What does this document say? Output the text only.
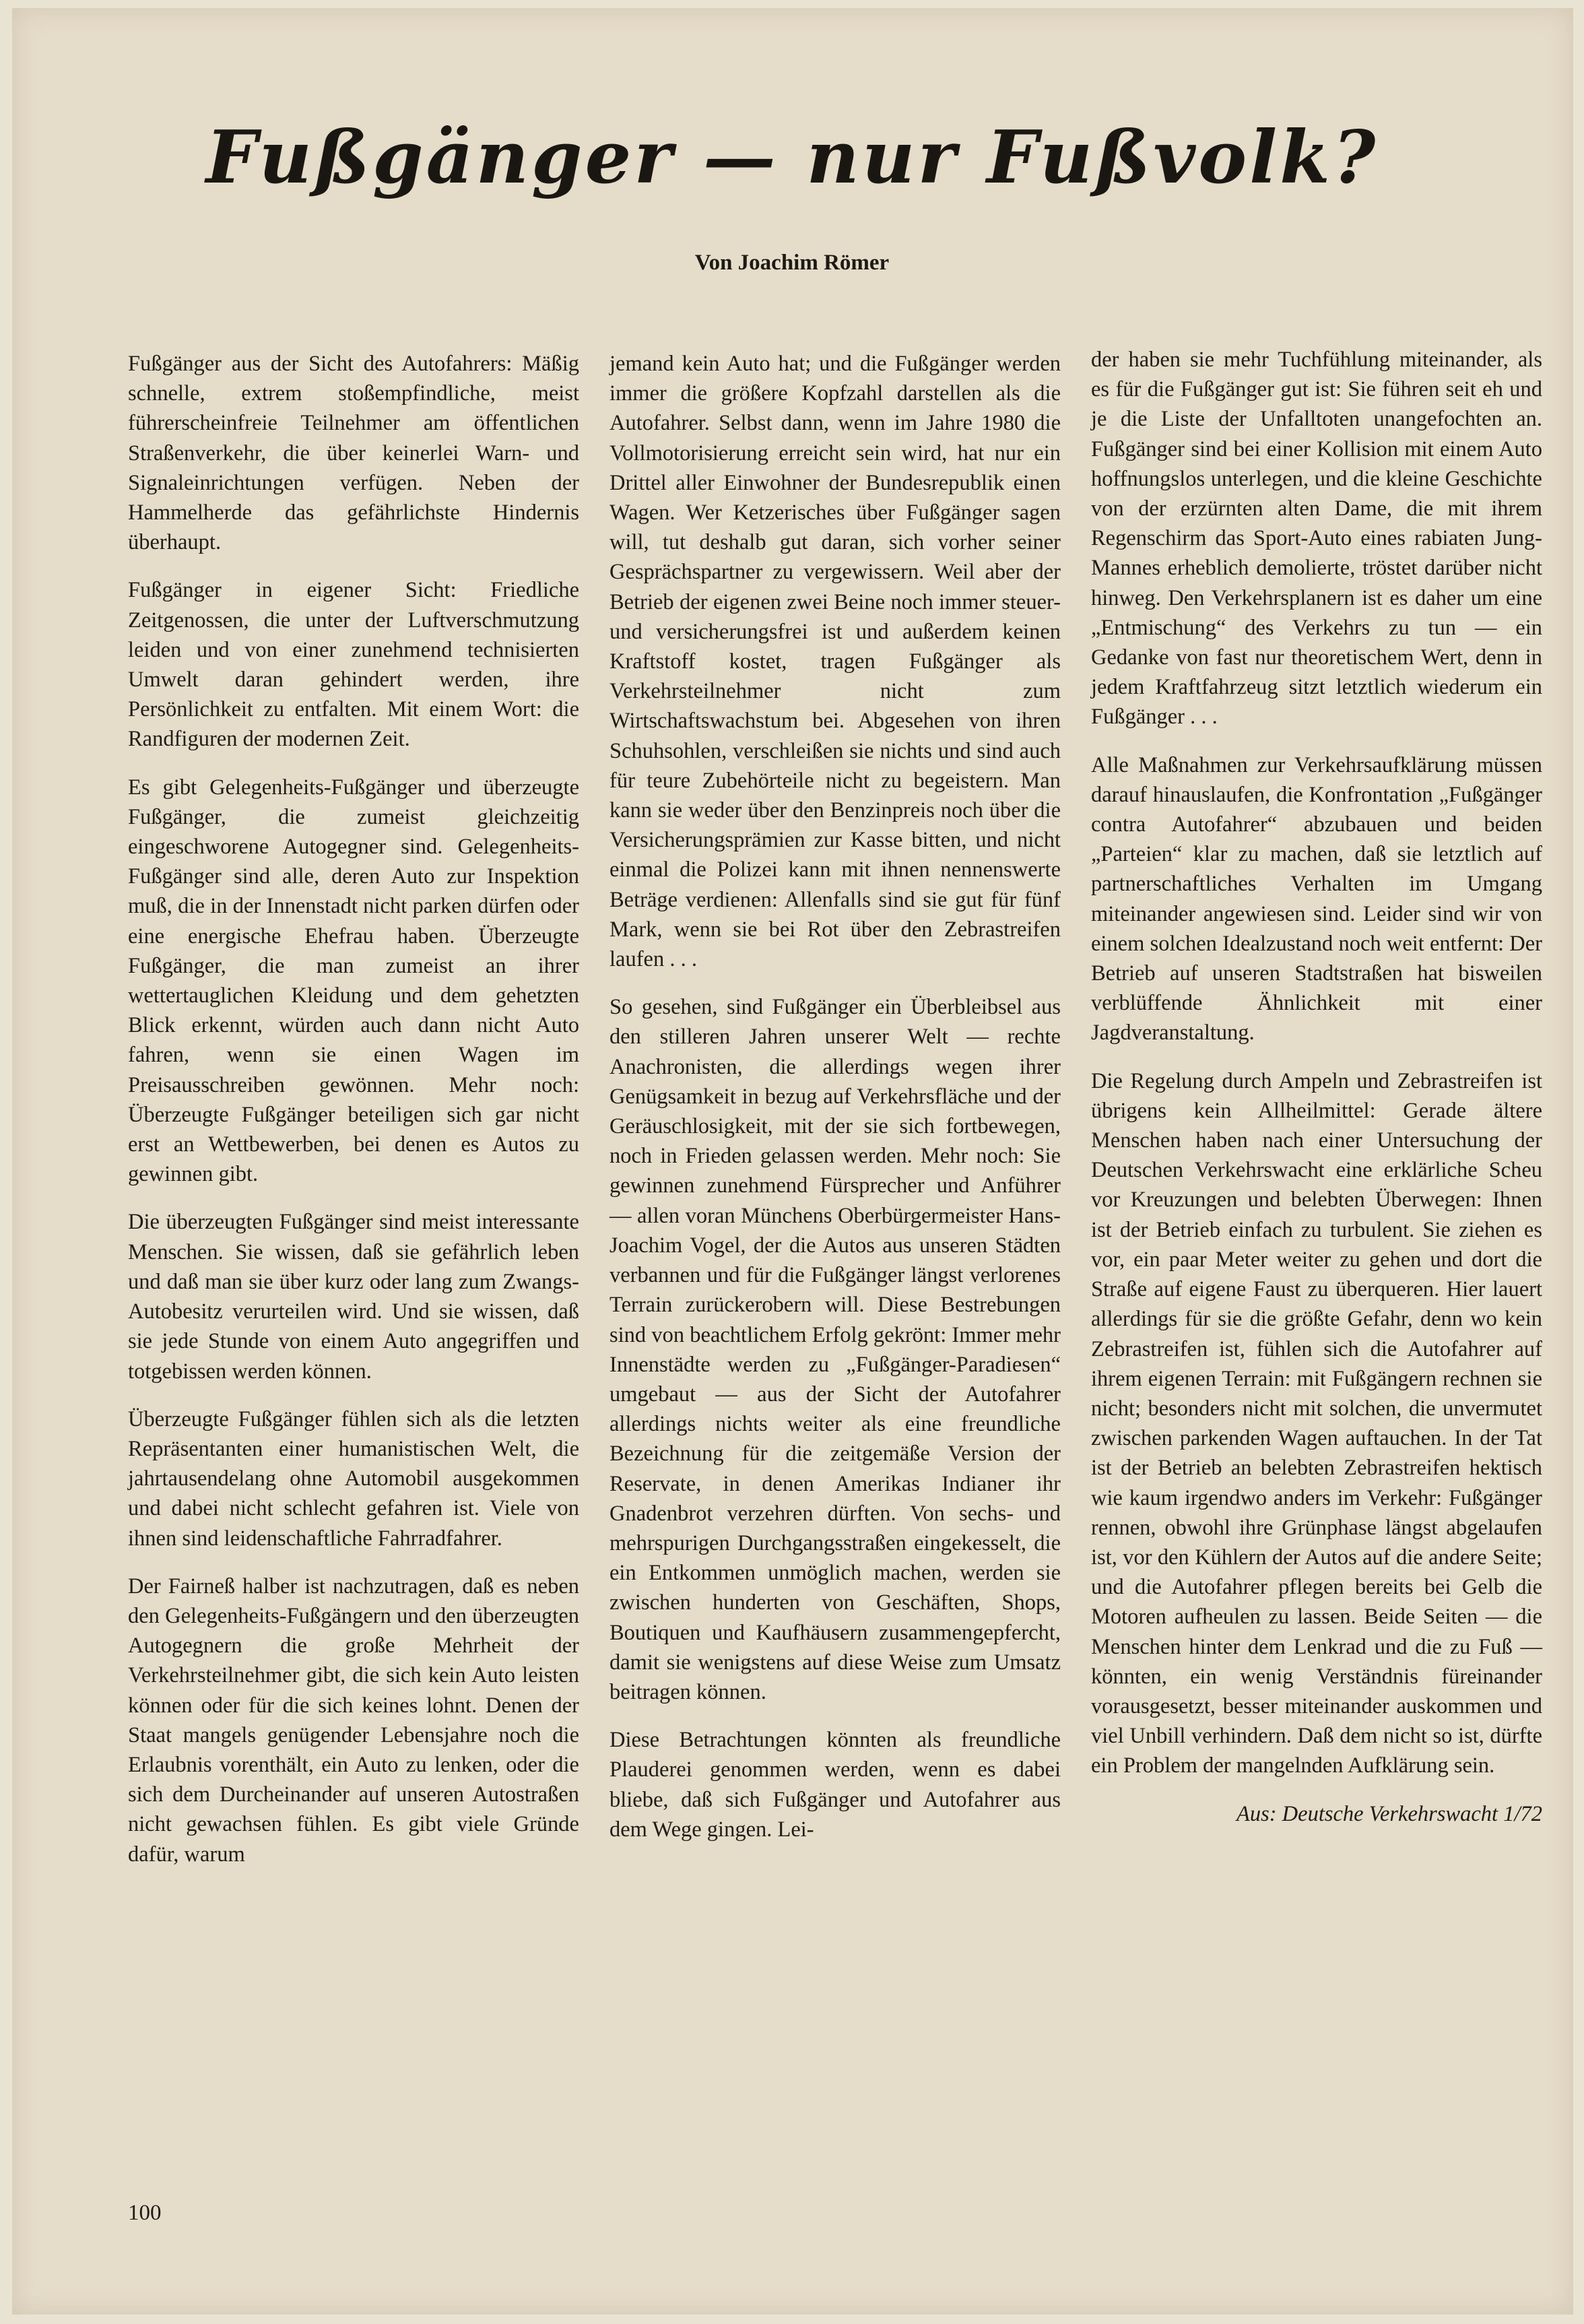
Fußgänger — nur Fußvolk?
Von Joachim Römer

Fußgänger aus der Sicht des Autofahrers: Mäßig schnelle, extrem stoßempfindliche, meist führerscheinfreie Teilnehmer am öffentlichen Straßenverkehr, die über keinerlei Warn- und Signaleinrichtungen verfügen. Neben der Hammelherde das gefährlichste Hindernis überhaupt.

Fußgänger in eigener Sicht: Friedliche Zeitgenossen, die unter der Luftverschmutzung leiden und von einer zunehmend technisierten Umwelt daran gehindert werden, ihre Persönlichkeit zu entfalten. Mit einem Wort: die Randfiguren der modernen Zeit.

Es gibt Gelegenheits-Fußgänger und überzeugte Fußgänger, die zumeist gleichzeitig eingeschworene Autogegner sind. Gelegenheits-Fußgänger sind alle, deren Auto zur Inspektion muß, die in der Innenstadt nicht parken dürfen oder eine energische Ehefrau haben. Überzeugte Fußgänger, die man zumeist an ihrer wettertauglichen Kleidung und dem gehetzten Blick erkennt, würden auch dann nicht Auto fahren, wenn sie einen Wagen im Preisausschreiben gewönnen. Mehr noch: Überzeugte Fußgänger beteiligen sich gar nicht erst an Wettbewerben, bei denen es Autos zu gewinnen gibt.

Die überzeugten Fußgänger sind meist interessante Menschen. Sie wissen, daß sie gefährlich leben und daß man sie über kurz oder lang zum Zwangs-Autobesitz verurteilen wird. Und sie wissen, daß sie jede Stunde von einem Auto angegriffen und totgebissen werden können.

Überzeugte Fußgänger fühlen sich als die letzten Repräsentanten einer humanistischen Welt, die jahrtausendelang ohne Automobil ausgekommen und dabei nicht schlecht gefahren ist. Viele von ihnen sind leidenschaftliche Fahrradfahrer.

Der Fairneß halber ist nachzutragen, daß es neben den Gelegenheits-Fußgängern und den überzeugten Autogegnern die große Mehrheit der Verkehrsteilnehmer gibt, die sich kein Auto leisten können oder für die sich keines lohnt. Denen der Staat mangels genügender Lebensjahre noch die Erlaubnis vorenthält, ein Auto zu lenken, oder die sich dem Durcheinander auf unseren Autostraßen nicht gewachsen fühlen. Es gibt viele Gründe dafür, warum

jemand kein Auto hat; und die Fußgänger werden immer die größere Kopfzahl darstellen als die Autofahrer. Selbst dann, wenn im Jahre 1980 die Vollmotorisierung erreicht sein wird, hat nur ein Drittel aller Einwohner der Bundesrepublik einen Wagen. Wer Ketzerisches über Fußgänger sagen will, tut deshalb gut daran, sich vorher seiner Gesprächspartner zu vergewissern. Weil aber der Betrieb der eigenen zwei Beine noch immer steuer- und versicherungsfrei ist und außerdem keinen Kraftstoff kostet, tragen Fußgänger als Verkehrsteilnehmer nicht zum Wirtschaftswachstum bei. Abgesehen von ihren Schuhsohlen, verschleißen sie nichts und sind auch für teure Zubehörteile nicht zu begeistern. Man kann sie weder über den Benzinpreis noch über die Versicherungsprämien zur Kasse bitten, und nicht einmal die Polizei kann mit ihnen nennenswerte Beträge verdienen: Allenfalls sind sie gut für fünf Mark, wenn sie bei Rot über den Zebrastreifen laufen . . .

So gesehen, sind Fußgänger ein Überbleibsel aus den stilleren Jahren unserer Welt — rechte Anachronisten, die allerdings wegen ihrer Genügsamkeit in bezug auf Verkehrsfläche und der Geräuschlosigkeit, mit der sie sich fortbewegen, noch in Frieden gelassen werden. Mehr noch: Sie gewinnen zunehmend Fürsprecher und Anführer — allen voran Münchens Oberbürgermeister Hans-Joachim Vogel, der die Autos aus unseren Städten verbannen und für die Fußgänger längst verlorenes Terrain zurückerobern will. Diese Bestrebungen sind von beachtlichem Erfolg gekrönt: Immer mehr Innenstädte werden zu „Fußgänger-Paradiesen“ umgebaut — aus der Sicht der Autofahrer allerdings nichts weiter als eine freundliche Bezeichnung für die zeitgemäße Version der Reservate, in denen Amerikas Indianer ihr Gnadenbrot verzehren dürften. Von sechs- und mehrspurigen Durchgangsstraßen eingekesselt, die ein Entkommen unmöglich machen, werden sie zwischen hunderten von Geschäften, Shops, Boutiquen und Kaufhäusern zusammengepfercht, damit sie wenigstens auf diese Weise zum Umsatz beitragen können.

Diese Betrachtungen könnten als freundliche Plauderei genommen werden, wenn es dabei bliebe, daß sich Fußgänger und Autofahrer aus dem Wege gingen. Lei-

der haben sie mehr Tuchfühlung miteinander, als es für die Fußgänger gut ist: Sie führen seit eh und je die Liste der Unfalltoten unangefochten an. Fußgänger sind bei einer Kollision mit einem Auto hoffnungslos unterlegen, und die kleine Geschichte von der erzürnten alten Dame, die mit ihrem Regenschirm das Sport-Auto eines rabiaten Jung-Mannes erheblich demolierte, tröstet darüber nicht hinweg. Den Verkehrsplanern ist es daher um eine „Entmischung“ des Verkehrs zu tun — ein Gedanke von fast nur theoretischem Wert, denn in jedem Kraftfahrzeug sitzt letztlich wiederum ein Fußgänger . . .

Alle Maßnahmen zur Verkehrsaufklärung müssen darauf hinauslaufen, die Konfrontation „Fußgänger contra Autofahrer“ abzubauen und beiden „Parteien“ klar zu machen, daß sie letztlich auf partnerschaftliches Verhalten im Umgang miteinander angewiesen sind. Leider sind wir von einem solchen Idealzustand noch weit entfernt: Der Betrieb auf unseren Stadtstraßen hat bisweilen verblüffende Ähnlichkeit mit einer Jagdveranstaltung.

Die Regelung durch Ampeln und Zebrastreifen ist übrigens kein Allheilmittel: Gerade ältere Menschen haben nach einer Untersuchung der Deutschen Verkehrswacht eine erklärliche Scheu vor Kreuzungen und belebten Überwegen: Ihnen ist der Betrieb einfach zu turbulent. Sie ziehen es vor, ein paar Meter weiter zu gehen und dort die Straße auf eigene Faust zu überqueren. Hier lauert allerdings für sie die größte Gefahr, denn wo kein Zebrastreifen ist, fühlen sich die Autofahrer auf ihrem eigenen Terrain: mit Fußgängern rechnen sie nicht; besonders nicht mit solchen, die unvermutet zwischen parkenden Wagen auftauchen. In der Tat ist der Betrieb an belebten Zebrastreifen hektisch wie kaum irgendwo anders im Verkehr: Fußgänger rennen, obwohl ihre Grünphase längst abgelaufen ist, vor den Kühlern der Autos auf die andere Seite; und die Autofahrer pflegen bereits bei Gelb die Motoren aufheulen zu lassen. Beide Seiten — die Menschen hinter dem Lenkrad und die zu Fuß — könnten, ein wenig Verständnis füreinander vorausgesetzt, besser miteinander auskommen und viel Unbill verhindern. Daß dem nicht so ist, dürfte ein Problem der mangelnden Aufklärung sein.

Aus: Deutsche Verkehrswacht 1/72
100
